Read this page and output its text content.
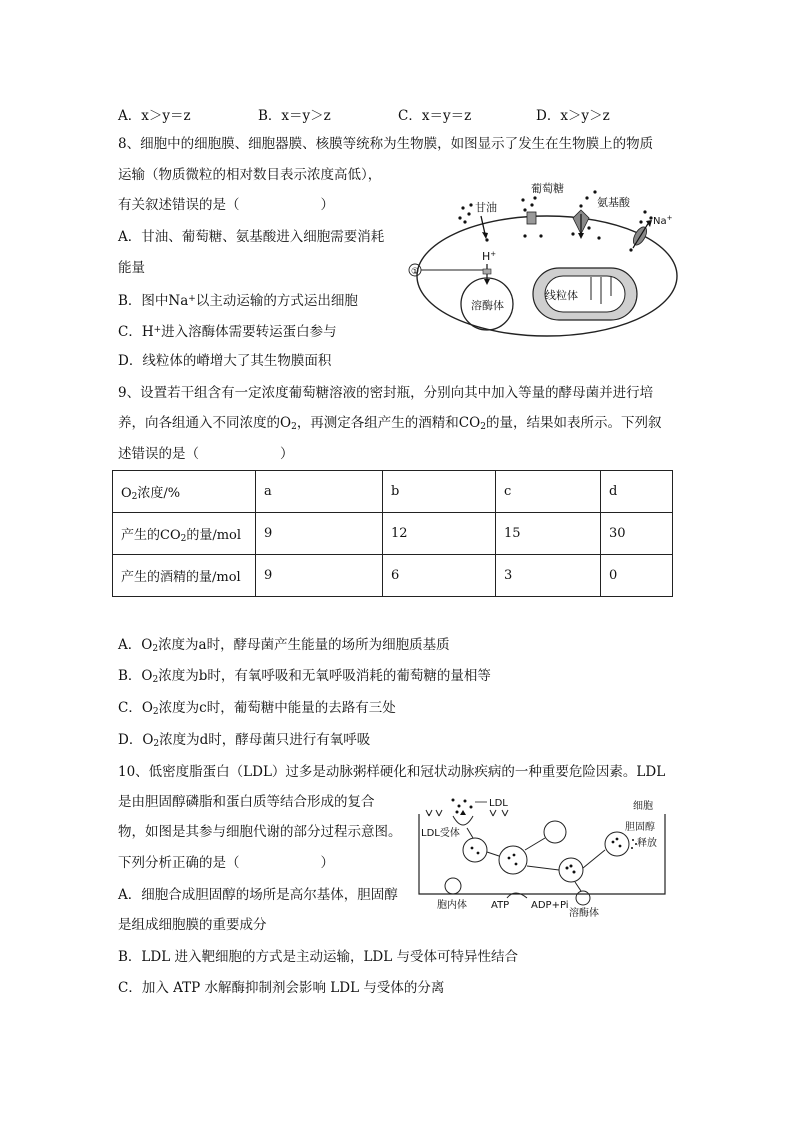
A．x＞y＝z	B．x＝y＞z	C．x＝y＝z	D．x＞y＞z
8、细胞中的细胞膜、细胞器膜、核膜等统称为生物膜，如图显示了发生在生物膜上的物质
运输（物质微粒的相对数目表示浓度高低），
有关叙述错误的是（　　　　　　）
A．甘油、葡萄糖、氨基酸进入细胞需要消耗
能量
B．图中Na+以主动运输的方式运出细胞
C．H+进入溶酶体需要转运蛋白参与
D．线粒体的嵴增大了其生物膜面积
甘油
葡萄糖
氨基酸
Na+
①
H+
溶酶体
线粒体
9、设置若干组含有一定浓度葡萄糖溶液的密封瓶，分别向其中加入等量的酵母菌并进行培
养，向各组通入不同浓度的$O_2$，再测定各组产生的酒精和$CO_2$的量，结果如表所示。下列叙
述错误的是（　　　　　　）
$O_2$浓度/%	a	b	c	d
产生的$CO_2$的量/mol	9	12	15	30
产生的酒精的量/mol	9	6	3	0
A．$O_2$浓度为a时，酵母菌产生能量的场所为细胞质基质
B．$O_2$浓度为b时，有氧呼吸和无氧呼吸消耗的葡萄糖的量相等
C．$O_2$浓度为c时，葡萄糖中能量的去路有三处
D．$O_2$浓度为d时，酵母菌只进行有氧呼吸
10、低密度脂蛋白（LDL）过多是动脉粥样硬化和冠状动脉疾病的一种重要危险因素。LDL
是由胆固醇磷脂和蛋白质等结合形成的复合
物，如图是其参与细胞代谢的部分过程示意图。
下列分析正确的是（　　　　　　）
A．细胞合成胆固醇的场所是高尔基体，胆固醇
是组成细胞膜的重要成分
B．LDL 进入靶细胞的方式是主动运输，LDL 与受体可特异性结合
C．加入 ATP 水解酶抑制剂会影响 LDL 与受体的分离
细胞
LDL
LDL受体
胆固醇
释放
胞内体
溶酶体
ATP ADP+Pi
